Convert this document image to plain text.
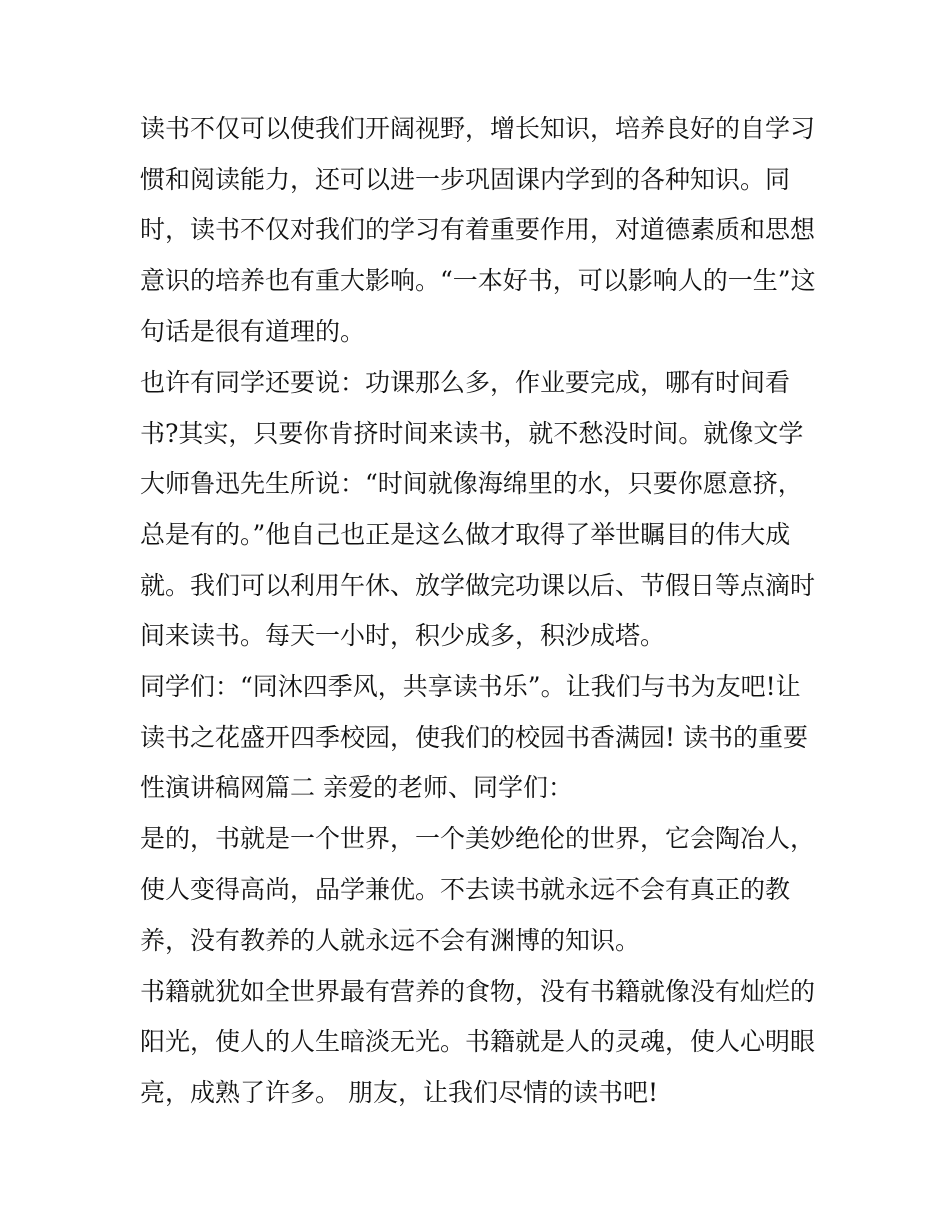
读书不仅可以使我们开阔视野，增长知识，培养良好的自学习
惯和阅读能力，还可以进一步巩固课内学到的各种知识。同
时，读书不仅对我们的学习有着重要作用，对道德素质和思想
意识的培养也有重大影响。“一本好书，可以影响人的一生”这
句话是很有道理的。
也许有同学还要说：功课那么多，作业要完成，哪有时间看
书?其实，只要你肯挤时间来读书，就不愁没时间。就像文学
大师鲁迅先生所说：“时间就像海绵里的水，只要你愿意挤，
总是有的。”他自己也正是这么做才取得了举世瞩目的伟大成
就。我们可以利用午休、放学做完功课以后、节假日等点滴时
间来读书。每天一小时，积少成多，积沙成塔。
同学们：“同沐四季风，共享读书乐”。让我们与书为友吧!让
读书之花盛开四季校园，使我们的校园书香满园! 读书的重要
性演讲稿网篇二 亲爱的老师、同学们：
是的，书就是一个世界，一个美妙绝伦的世界，它会陶冶人，
使人变得高尚，品学兼优。不去读书就永远不会有真正的教
养，没有教养的人就永远不会有渊博的知识。
书籍就犹如全世界最有营养的食物，没有书籍就像没有灿烂的
阳光，使人的人生暗淡无光。书籍就是人的灵魂，使人心明眼
亮，成熟了许多。 朋友，让我们尽情的读书吧!
